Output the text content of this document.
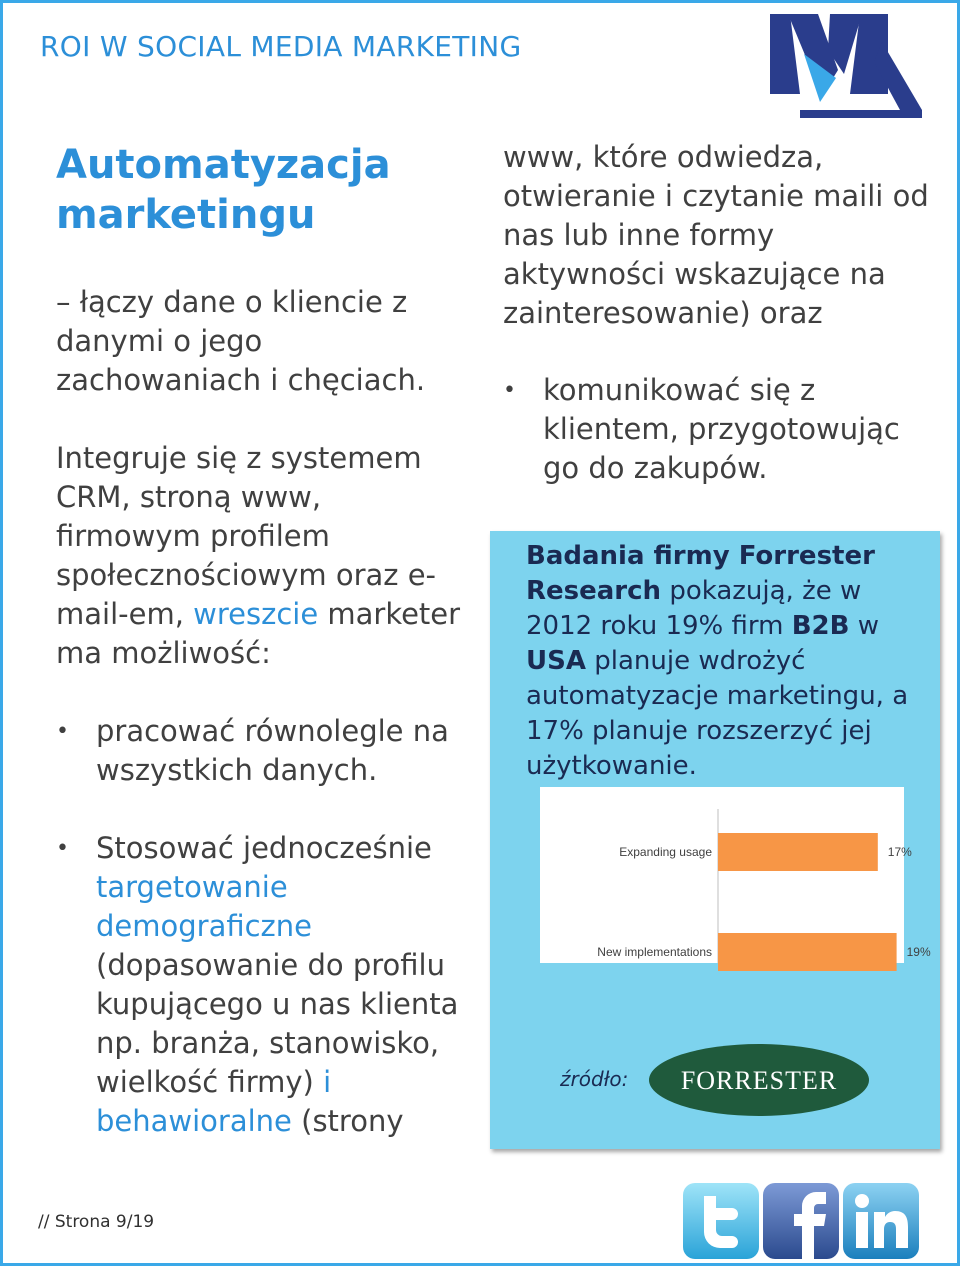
ROI W SOCIAL MEDIA MARKETING
Automatyzacja marketingu

– łączy dane o kliencie z danymi o jego zachowaniach i chęciach.

Integruje się z systemem CRM, stroną www, firmowym profilem społecznościowym oraz e-mail-em, wreszcie marketer ma możliwość:

• pracować równolegle na wszystkich danych.

• Stosować jednocześnie targetowanie demograficzne (dopasowanie do profilu kupującego u nas klienta np. branża, stanowisko, wielkość firmy) i behawioralne (strony

www, które odwiedza, otwieranie i czytanie maili od nas lub inne formy aktywności wskazujące na zainteresowanie) oraz

• komunikować się z klientem, przygotowując go do zakupów.

Badania firmy Forrester Research pokazują, że w 2012 roku 19% firm B2B w USA planuje wdrożyć automatyzacje marketingu, a 17% planuje rozszerzyć jej użytkowanie.
Expanding usage	17%
New implementations	19%
źródło: FORRESTER
// Strona 9/19
